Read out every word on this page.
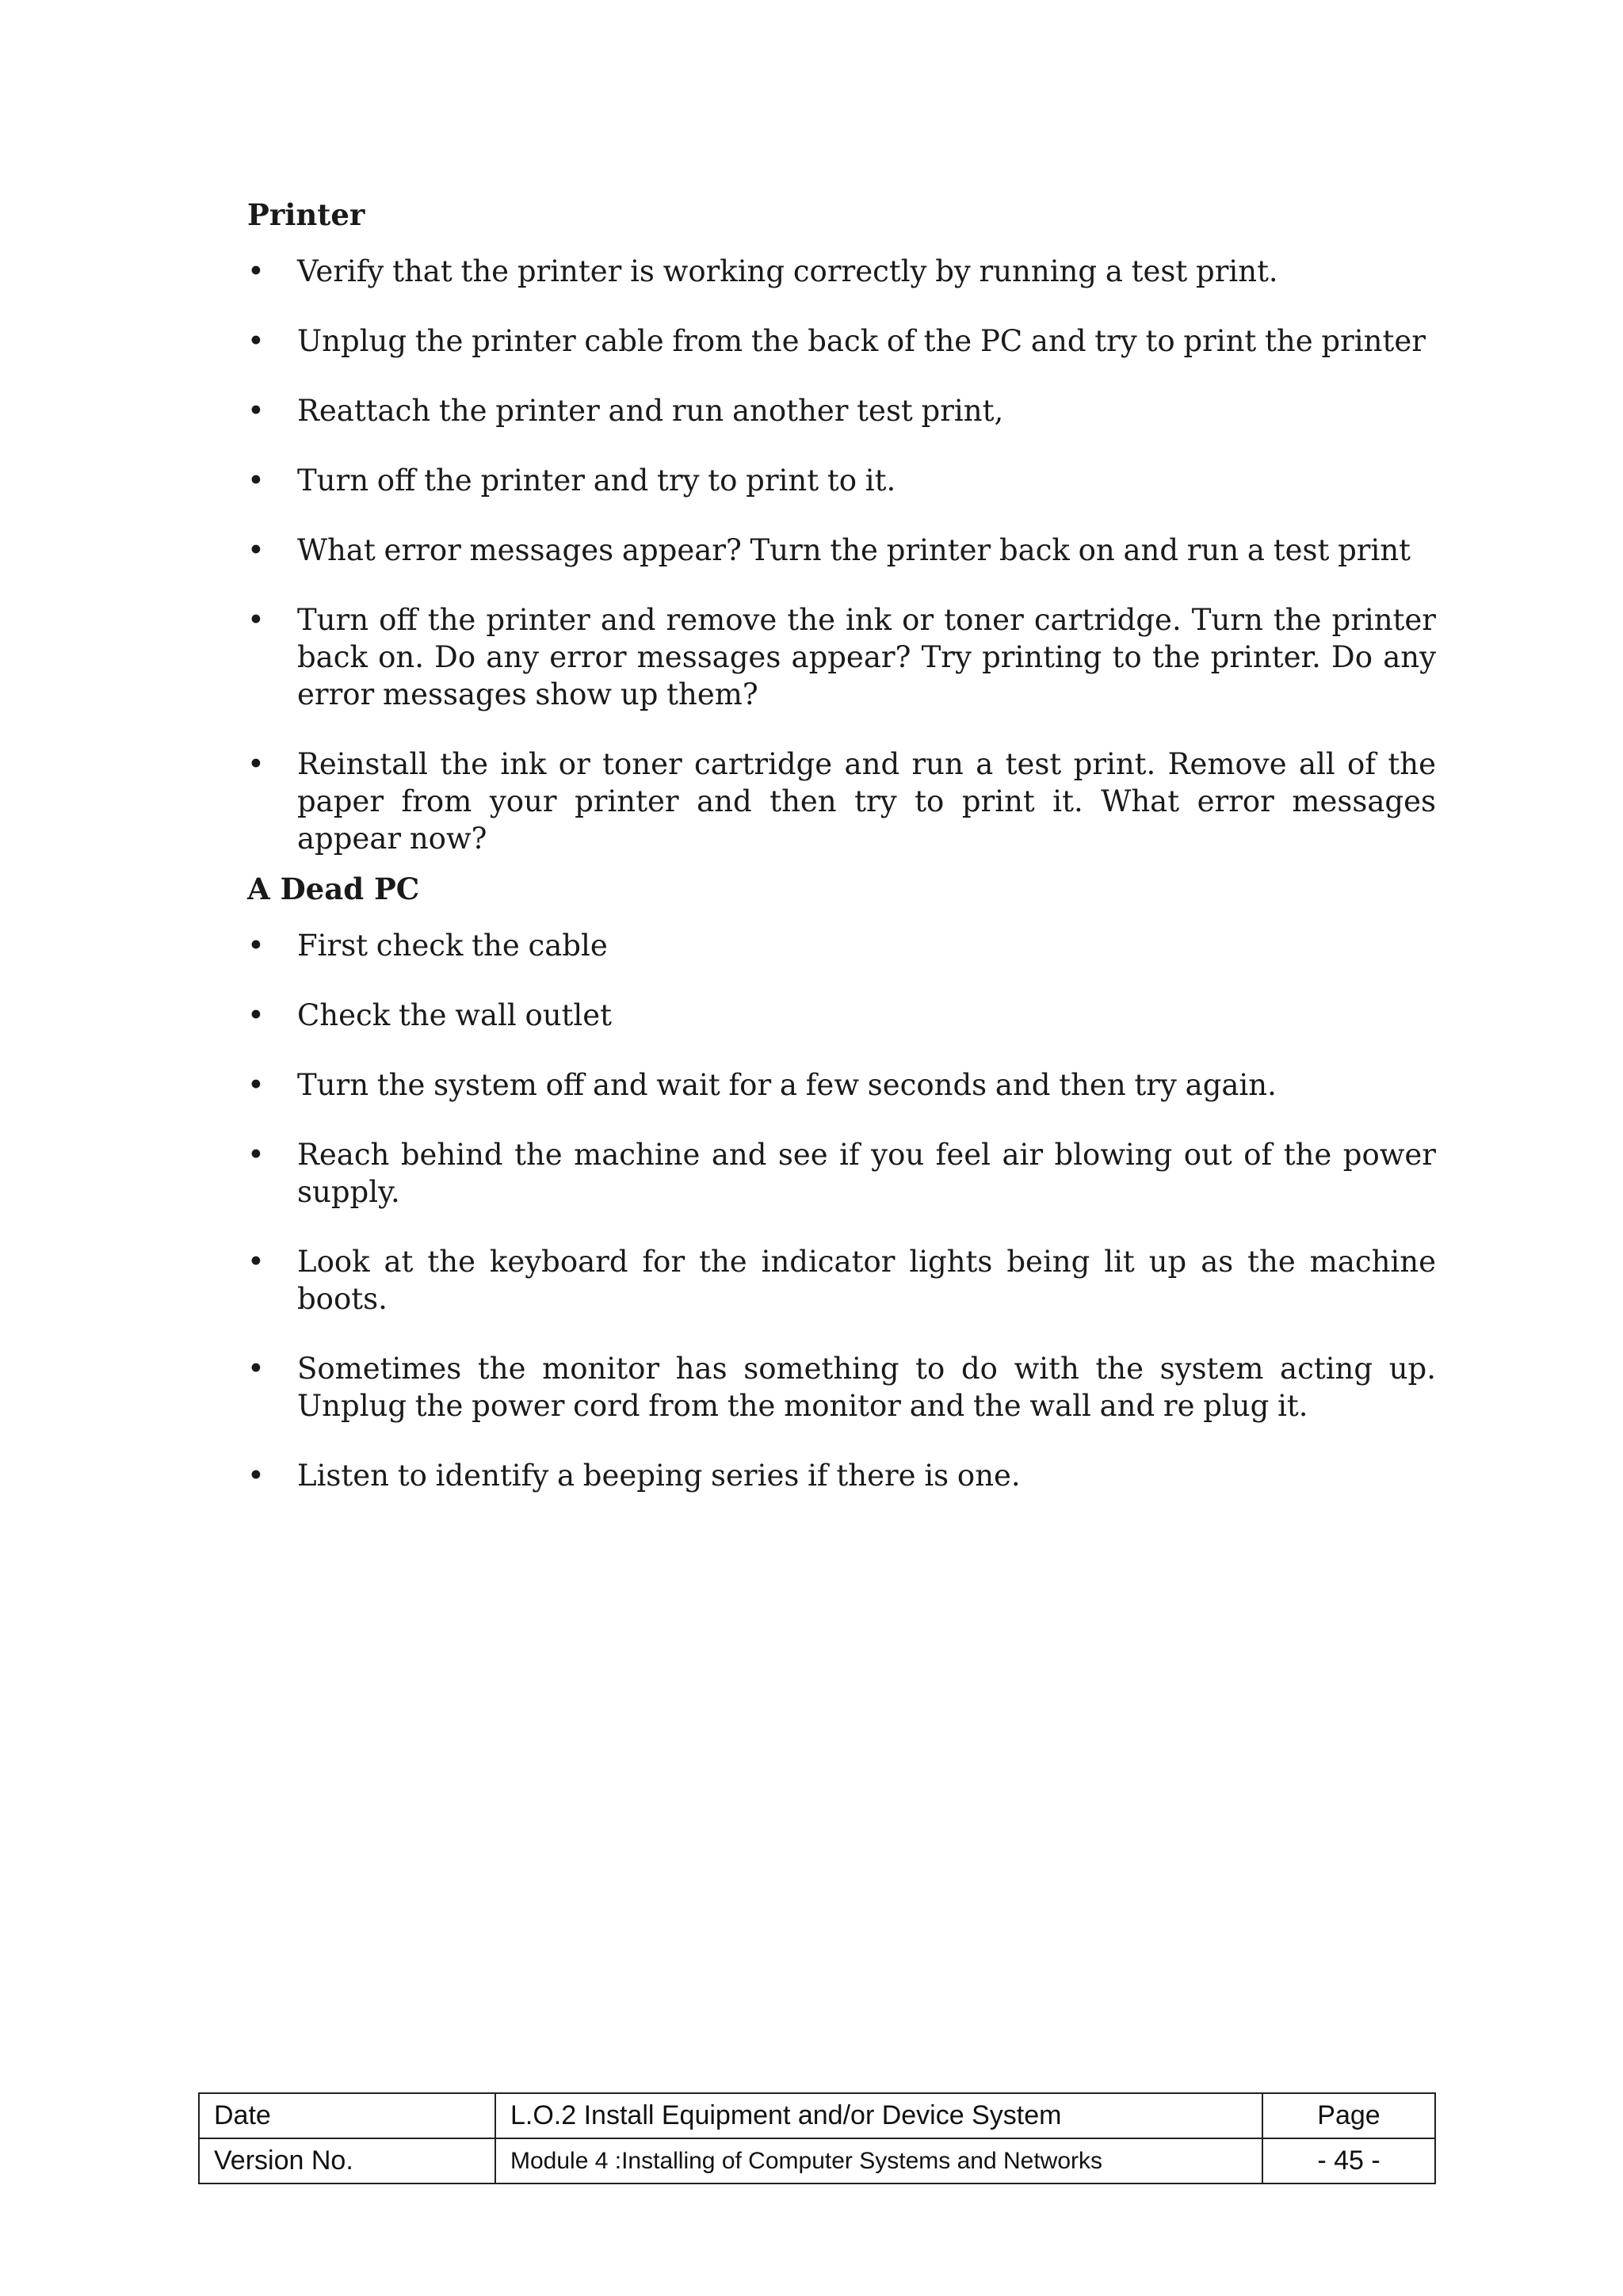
Printer
• Verify that the printer is working correctly by running a test print.
• Unplug the printer cable from the back of the PC and try to print the printer
• Reattach the printer and run another test print,
• Turn off the printer and try to print to it.
• What error messages appear? Turn the printer back on and run a test print
• Turn off the printer and remove the ink or toner cartridge. Turn the printer back on. Do any error messages appear? Try printing to the printer. Do any error messages show up them?
• Reinstall the ink or toner cartridge and run a test print. Remove all of the paper from your printer and then try to print it. What error messages appear now?
A Dead PC
• First check the cable
• Check the wall outlet
• Turn the system off and wait for a few seconds and then try again.
• Reach behind the machine and see if you feel air blowing out of the power supply.
• Look at the keyboard for the indicator lights being lit up as the machine boots.
• Sometimes the monitor has something to do with the system acting up. Unplug the power cord from the monitor and the wall and re plug it.
• Listen to identify a beeping series if there is one.
Date	L.O.2 Install Equipment and/or Device System	Page
Version No.	Module 4 :Installing of Computer Systems and Networks	- 45 -
